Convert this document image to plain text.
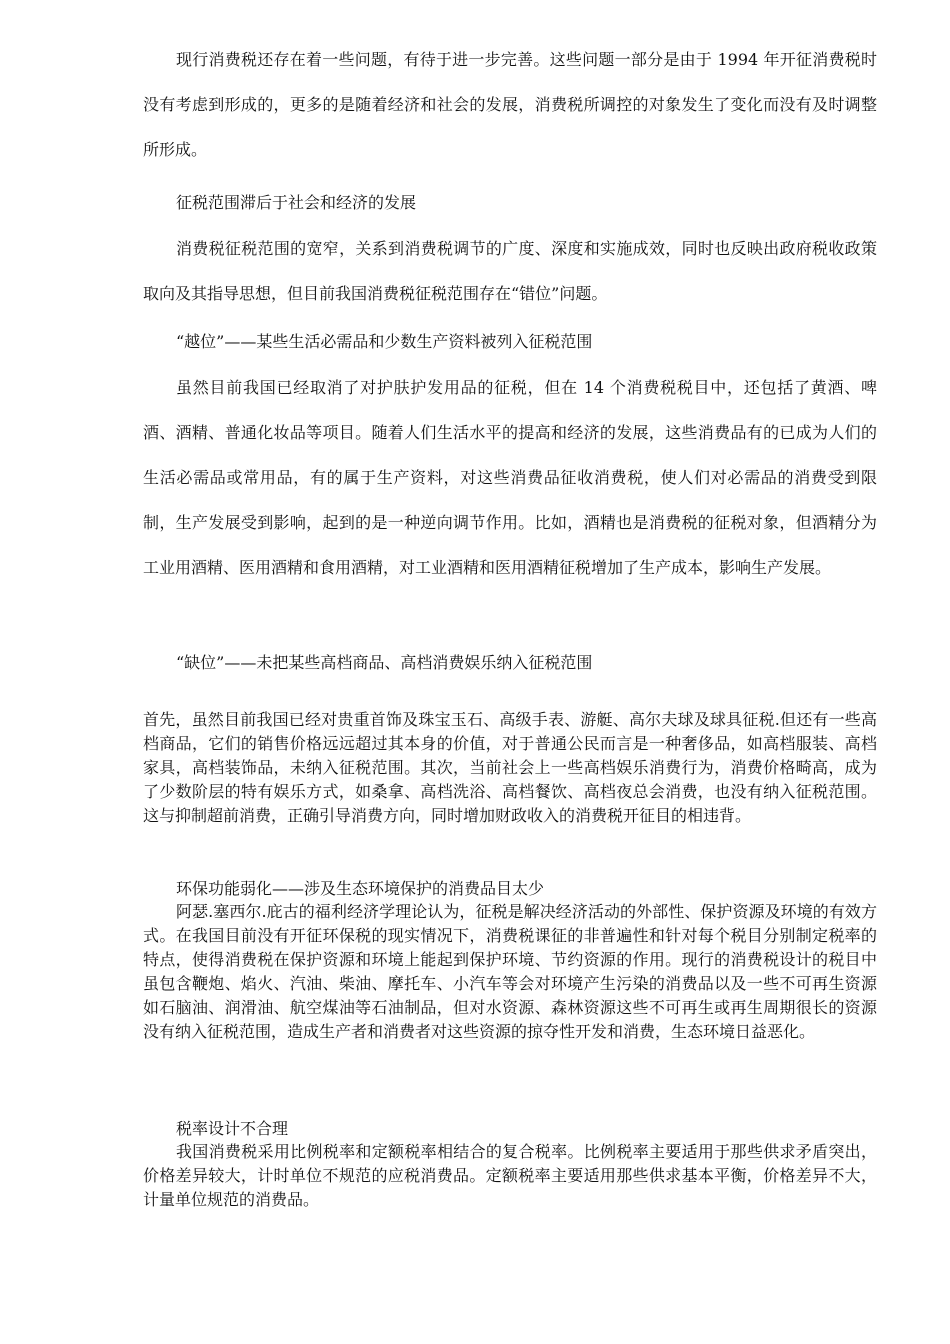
现行消费税还存在着一些问题，有待于进一步完善。这些问题一部分是由于 1994 年开征消费税时没有考虑到形成的，更多的是随着经济和社会的发展，消费税所调控的对象发生了变化而没有及时调整所形成。

征税范围滞后于社会和经济的发展

消费税征税范围的宽窄，关系到消费税调节的广度、深度和实施成效，同时也反映出政府税收政策取向及其指导思想，但目前我国消费税征税范围存在“错位”问题。

“越位”——某些生活必需品和少数生产资料被列入征税范围

虽然目前我国已经取消了对护肤护发用品的征税，但在 14 个消费税税目中，还包括了黄酒、啤酒、酒精、普通化妆品等项目。随着人们生活水平的提高和经济的发展，这些消费品有的已成为人们的生活必需品或常用品，有的属于生产资料，对这些消费品征收消费税，使人们对必需品的消费受到限制，生产发展受到影响，起到的是一种逆向调节作用。比如，酒精也是消费税的征税对象，但酒精分为工业用酒精、医用酒精和食用酒精，对工业酒精和医用酒精征税增加了生产成本，影响生产发展。

“缺位”——未把某些高档商品、高档消费娱乐纳入征税范围

首先，虽然目前我国已经对贵重首饰及珠宝玉石、高级手表、游艇、高尔夫球及球具征税.但还有一些高档商品，它们的销售价格远远超过其本身的价值，对于普通公民而言是一种奢侈品，如高档服装、高档家具，高档装饰品，未纳入征税范围。其次，当前社会上一些高档娱乐消费行为，消费价格畸高，成为了少数阶层的特有娱乐方式，如桑拿、高档洗浴、高档餐饮、高档夜总会消费，也没有纳入征税范围。这与抑制超前消费，正确引导消费方向，同时增加财政收入的消费税开征目的相违背。

环保功能弱化——涉及生态环境保护的消费品目太少

阿瑟.塞西尔.庇古的福利经济学理论认为，征税是解决经济活动的外部性、保护资源及环境的有效方式。在我国目前没有开征环保税的现实情况下，消费税课征的非普遍性和针对每个税目分别制定税率的特点，使得消费税在保护资源和环境上能起到保护环境、节约资源的作用。现行的消费税设计的税目中虽包含鞭炮、焰火、汽油、柴油、摩托车、小汽车等会对环境产生污染的消费品以及一些不可再生资源如石脑油、润滑油、航空煤油等石油制品，但对水资源、森林资源这些不可再生或再生周期很长的资源没有纳入征税范围，造成生产者和消费者对这些资源的掠夺性开发和消费，生态环境日益恶化。

税率设计不合理

我国消费税采用比例税率和定额税率相结合的复合税率。比例税率主要适用于那些供求矛盾突出，价格差异较大，计时单位不规范的应税消费品。定额税率主要适用那些供求基本平衡，价格差异不大，计量单位规范的消费品。
